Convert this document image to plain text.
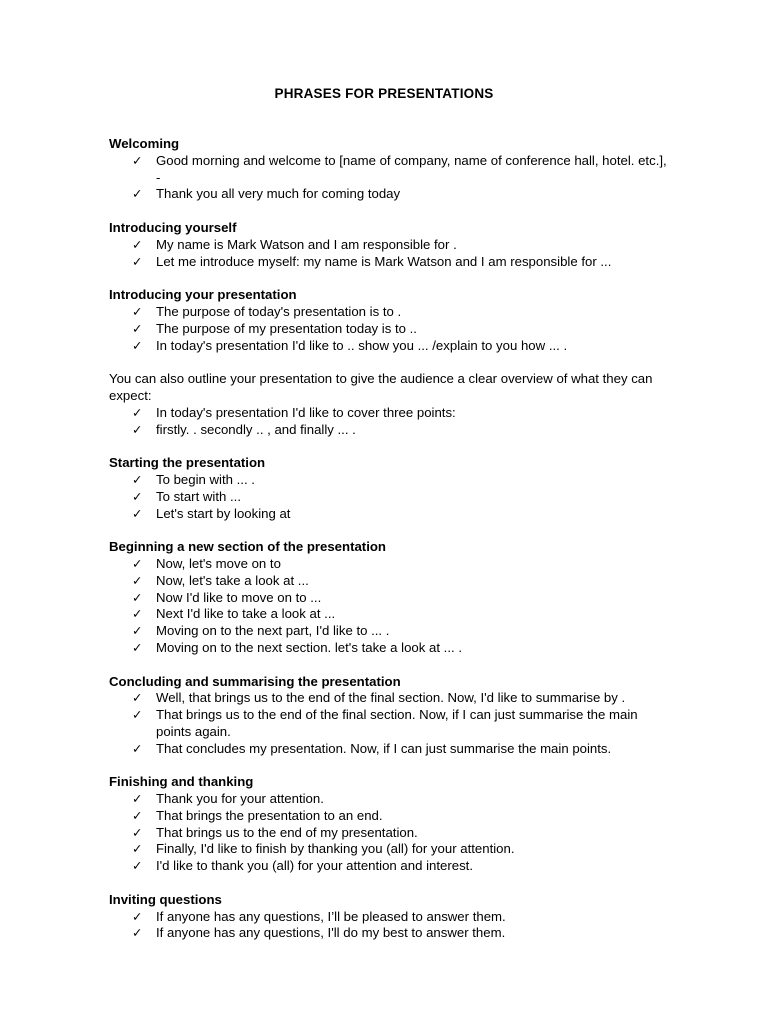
PHRASES FOR PRESENTATIONS
Welcoming
✓ Good morning and welcome to [name of company, name of conference hall, hotel. etc.], -
✓ Thank you all very much for coming today
Introducing yourself
✓ My name is Mark Watson and I am responsible for .
✓ Let me introduce myself: my name is Mark Watson and I am responsible for ...
Introducing your presentation
✓ The purpose of today's presentation is to .
✓ The purpose of my presentation today is to ..
✓ In today's presentation I'd like to .. show you ... /explain to you how ... .
You can also outline your presentation to give the audience a clear overview of what they can expect:
✓ In today's presentation I'd like to cover three points:
✓ firstly. . secondly .. , and finally ... .
Starting the presentation
✓ To begin with ... .
✓ To start with ...
✓ Let's start by looking at
Beginning a new section of the presentation
✓ Now, let's move on to
✓ Now, let's take a look at ...
✓ Now I'd like to move on to ...
✓ Next I'd like to take a look at ...
✓ Moving on to the next part, I'd like to ... .
✓ Moving on to the next section. let's take a look at ... .
Concluding and summarising the presentation
✓ Well, that brings us to the end of the final section. Now, I'd like to summarise by .
✓ That brings us to the end of the final section. Now, if I can just summarise the main points again.
✓ That concludes my presentation. Now, if I can just summarise the main points.
Finishing and thanking
✓ Thank you for your attention.
✓ That brings the presentation to an end.
✓ That brings us to the end of my presentation.
✓ Finally, I'd like to finish by thanking you (all) for your attention.
✓ I'd like to thank you (all) for your attention and interest.
Inviting questions
✓ If anyone has any questions, I’ll be pleased to answer them.
✓ If anyone has any questions, I'll do my best to answer them.
